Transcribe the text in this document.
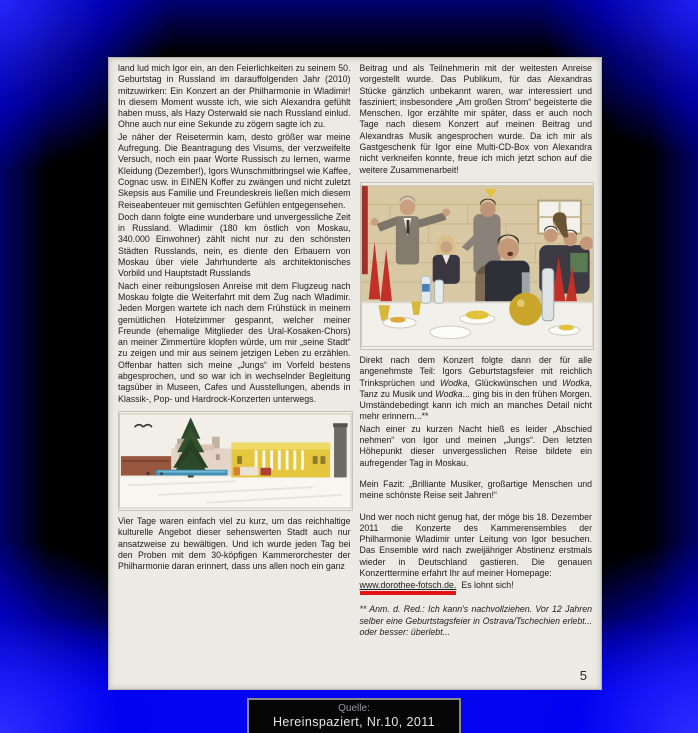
land lud mich Igor ein, an den Feierlichkeiten zu seinem 50. Geburtstag in Russland im darauffolgenden Jahr (2010) mitzuwirken: Ein Konzert an der Philharmonie in Wladimir! In diesem Moment wusste ich, wie sich Alexandra gefühlt haben muss, als Hazy Osterwald sie nach Russland einlud. Ohne auch nur eine Sekunde zu zögern sagte ich zu.

Je näher der Reisetermin kam, desto größer war meine Aufregung. Die Beantragung des Visums, der verzweifelte Versuch, noch ein paar Worte Russisch zu lernen, warme Kleidung (Dezember!), Igors Wunschmitbringsel wie Kaffee, Cognac usw. in EINEN Koffer zu zwängen und nicht zuletzt Skepsis aus Familie und Freundeskreis ließen mich diesem Reiseabenteuer mit gemischten Gefühlen entgegensehen.

Doch dann folgte eine wunderbare und unvergessliche Zeit in Russland. Wladimir (180 km östlich von Moskau, 340.000 Einwohner) zählt nicht nur zu den schönsten Städten Russlands, nein, es diente den Erbauern von Moskau über viele Jahrhunderte als architektonisches Vorbild und Hauptstadt Russlands

Nach einer reibungslosen Anreise mit dem Flugzeug nach Moskau folgte die Weiterfahrt mit dem Zug nach Wladimir. Jeden Morgen wartete ich nach dem Frühstück in meinem gemütlichen Hotelzimmer gespannt, welcher meiner Freunde (ehemalige Mitglieder des Ural-Kosaken-Chors) an meiner Zimmertüre klopfen würde, um mir „seine Stadt“ zu zeigen und mir aus seinem jetzigen Leben zu erzählen. Offenbar hatten sich meine „Jungs“ im Vorfeld bestens abgesprochen, und so war ich in wechselnder Begleitung tagsüber in Museen, Cafes und Ausstellungen, abends in Klassik-, Pop- und Hardrock-Konzerten unterwegs.

Vier Tage waren einfach viel zu kurz, um das reichhaltige kulturelle Angebot dieser sehenswerten Stadt auch nur ansatzweise zu bewältigen. Und ich wurde jeden Tag bei den Proben mit dem 30-köpfigen Kammerorchester der Philharmonie daran erinnert, dass uns allen noch ein ganz

Beitrag und als Teilnehmerin mit der weitesten Anreise vorgestellt wurde. Das Publikum, für das Alexandras Stücke gänzlich unbekannt waren, war interessiert und fasziniert; insbesondere „Am großen Strom“ begeisterte die Menschen. Igor erzählte mir später, dass er auch noch Tage nach diesem Konzert auf meinen Beitrag und Alexandras Musik angesprochen wurde. Da ich mir als Gastgeschenk für Igor eine Multi-CD-Box von Alexandra nicht verkneifen konnte, freue ich mich jetzt schon auf die weitere Zusammenarbeit!

Direkt nach dem Konzert folgte dann der für alle angenehmste Teil: Igors Geburtstagsfeier mit reichlich Trinksprüchen und Wodka, Glückwünschen und Wodka, Tanz zu Musik und Wodka... ging bis in den frühen Morgen. Umständebedingt kann ich mich an manches Detail nicht mehr erinnern...**

Nach einer zu kurzen Nacht hieß es leider „Abschied nehmen“ von Igor und meinen „Jungs“. Den letzten Höhepunkt dieser unvergesslichen Reise bildete ein aufregender Tag in Moskau.

Mein Fazit: „Brilliante Musiker, großartige Menschen und meine schönste Reise seit Jahren!“

Und wer noch nicht genug hat, der möge bis 18. Dezember 2011 die Konzerte des Kammerensembles der Philharmonie Wladimir unter Leitung von Igor besuchen. Das Ensemble wird nach zweijähriger Abstinenz erstmals wieder in Deutschland gastieren. Die genauen Konzerttermine erfahrt Ihr auf meiner Homepage:

www.dorothee-fotsch.de. Es lohnt sich!

** Anm. d. Red.: Ich kann's nachvollziehen. Vor 12 Jahren selber eine Geburtstagsfeier in Ostrava/Tschechien erlebt... oder besser: überlebt...

5
Quelle:
Hereinspaziert, Nr.10, 2011
